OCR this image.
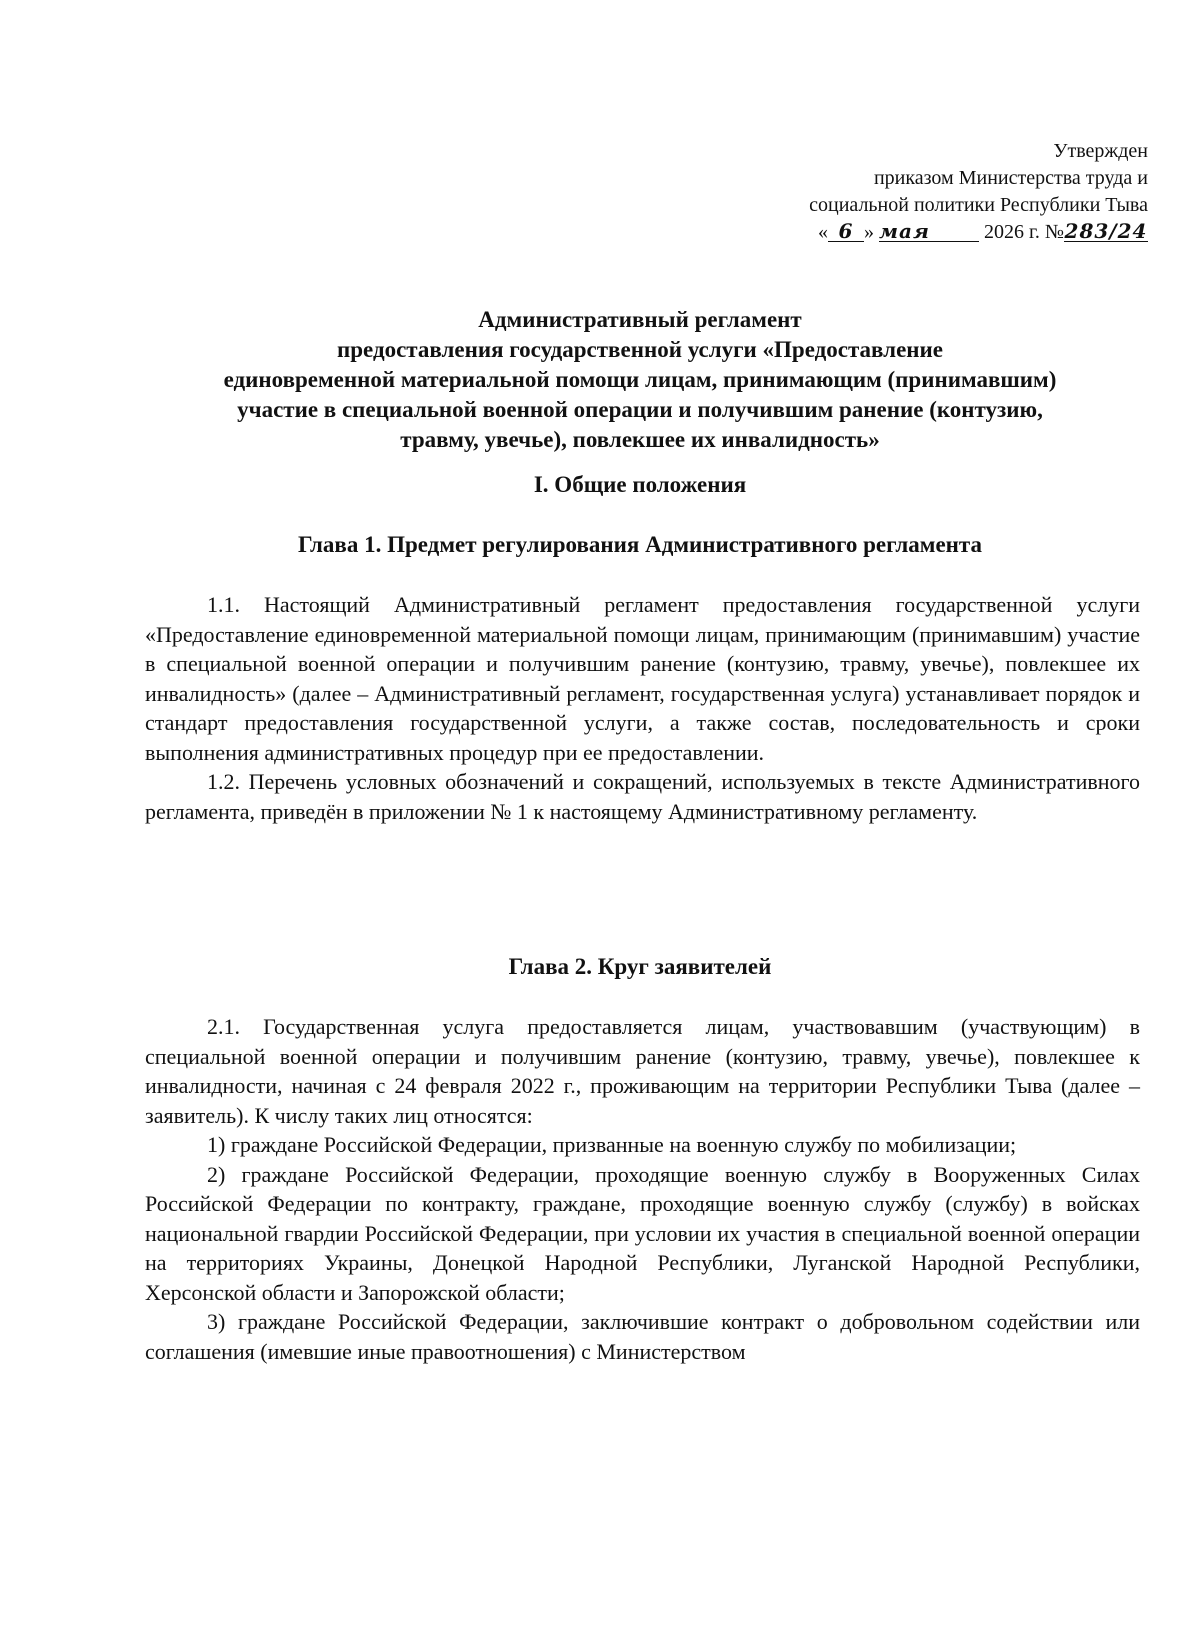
Утвержден
приказом Министерства труда и
социальной политики Республики Тыва
« 6 » мая	2026 г. №283/24
Административный регламент
предоставления государственной услуги «Предоставление
единовременной материальной помощи лицам, принимающим (принимавшим)
участие в специальной военной операции и получившим ранение (контузию,
травму, увечье), повлекшее их инвалидность»
I. Общие положения
Глава 1. Предмет регулирования Административного регламента

1.1. Настоящий Административный регламент предоставления государственной услуги «Предоставление единовременной материальной помощи лицам, принимающим (принимавшим) участие в специальной военной операции и получившим ранение (контузию, травму, увечье), повлекшее их инвалидность» (далее – Административный регламент, государственная услуга) устанавливает порядок и стандарт предоставления государственной услуги, а также состав, последовательность и сроки выполнения административных процедур при ее предоставлении.

1.2. Перечень условных обозначений и сокращений, используемых в тексте Административного регламента, приведён в приложении № 1 к настоящему Административному регламенту.

Глава 2. Круг заявителей

2.1. Государственная услуга предоставляется лицам, участвовавшим (участвующим) в специальной военной операции и получившим ранение (контузию, травму, увечье), повлекшее к инвалидности, начиная с 24 февраля 2022 г., проживающим на территории Республики Тыва (далее – заявитель). К числу таких лиц относятся:

1) граждане Российской Федерации, призванные на военную службу по мобилизации;

2) граждане Российской Федерации, проходящие военную службу в Вооруженных Силах Российской Федерации по контракту, граждане, проходящие военную службу (службу) в войсках национальной гвардии Российской Федерации, при условии их участия в специальной военной операции на территориях Украины, Донецкой Народной Республики, Луганской Народной Республики, Херсонской области и Запорожской области;

3) граждане Российской Федерации, заключившие контракт о добровольном содействии или соглашения (имевшие иные правоотношения) с Министерством
